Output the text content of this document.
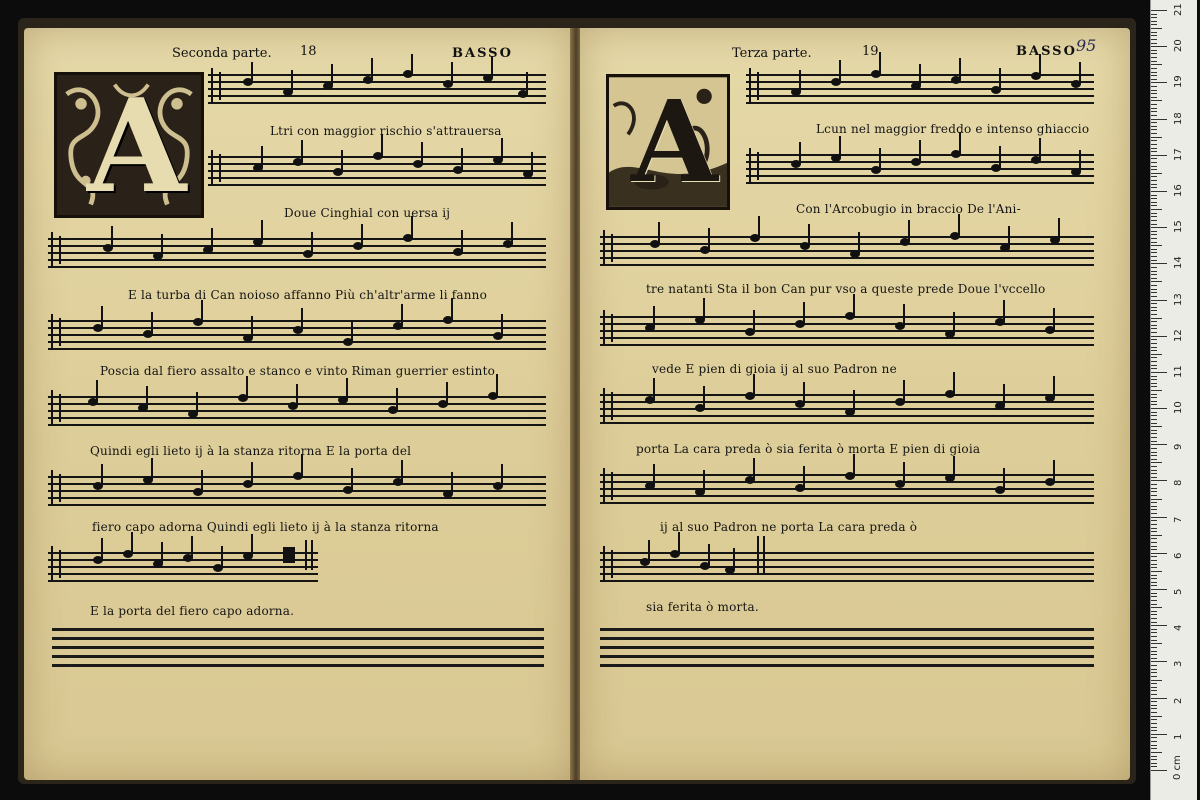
Seconda parte. 18	BASSO	Terza parte.	19	BASSO 95
A	A
Ltri con maggior rischio s'attrauersa
Doue Cinghial con uersa ij
E la turba di Can noioso affanno Più ch'altr'arme li fanno
Poscia dal fiero assalto e stanco e vinto Riman guerrier estinto
Quindi egli lieto ij à la stanza ritorna E la porta del
fiero capo adorna Quindi egli lieto ij à la stanza ritorna
E la porta del fiero capo adorna.
Lcun nel maggior freddo e intenso ghiaccio
Con l'Arcobugio in braccio De l'Ani-
tre natanti Sta il bon Can pur vso a queste prede Doue l'vccello
vede E pien di gioia ij al suo Padron ne
porta La cara preda ò sia ferita ò morta E pien di gioia
ij al suo Padron ne porta La cara preda ò
sia ferita ò morta.
1
2
3
4
5
6
7
8
9
10
11
12
13
14
15
16
17
18
19
20
21
0 cm
